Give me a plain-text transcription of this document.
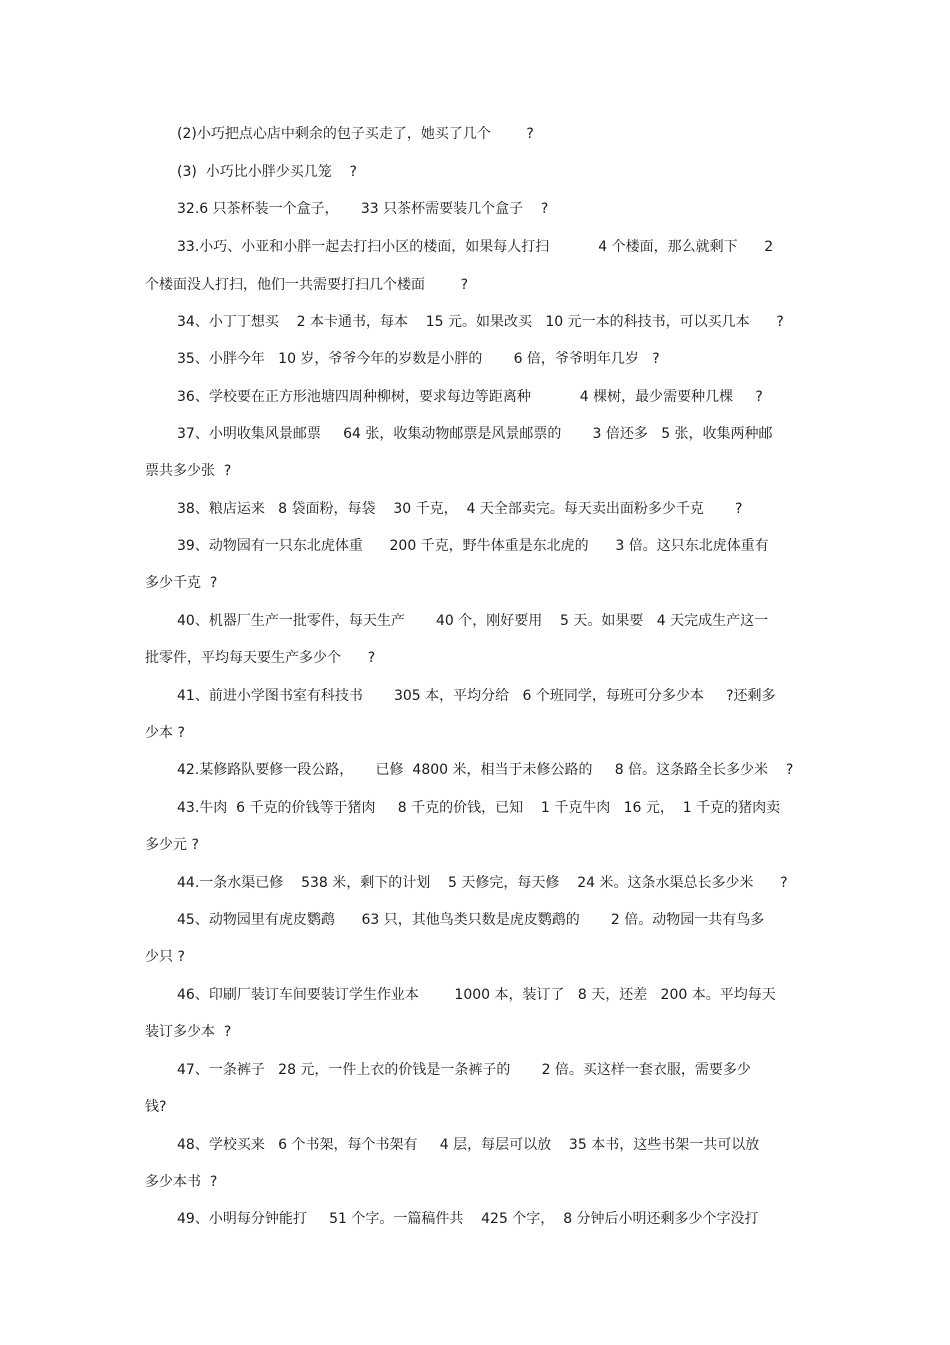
(2)小巧把点心店中剩余的包子买走了，她买了几个        ?
(3)  小巧比小胖少买几笼    ?
32.6 只茶杯装一个盒子，     33 只茶杯需要装几个盒子    ?
33.小巧、小亚和小胖一起去打扫小区的楼面，如果每人打扫           4 个楼面，那么就剩下      2
个楼面没人打扫，他们一共需要打扫几个楼面        ?
34、小丁丁想买    2 本卡通书，每本    15 元。如果改买   10 元一本的科技书，可以买几本      ?
35、小胖今年   10 岁，爷爷今年的岁数是小胖的       6 倍，爷爷明年几岁   ?
36、学校要在正方形池塘四周种柳树，要求每边等距离种           4 棵树，最少需要种几棵     ?
37、小明收集风景邮票     64 张，收集动物邮票是风景邮票的       3 倍还多   5 张，收集两种邮
票共多少张  ?
38、粮店运来   8 袋面粉，每袋    30 千克，  4 天全部卖完。每天卖出面粉多少千克       ?
39、动物园有一只东北虎体重      200 千克，野牛体重是东北虎的      3 倍。这只东北虎体重有
多少千克  ?
40、机器厂生产一批零件，每天生产       40 个，刚好要用    5 天。如果要   4 天完成生产这一
批零件，平均每天要生产多少个      ?
41、前进小学图书室有科技书       305 本，平均分给   6 个班同学，每班可分多少本     ?还剩多
少本 ?
42.某修路队要修一段公路，     已修  4800 米，相当于未修公路的     8 倍。这条路全长多少米    ?
43.牛肉  6 千克的价钱等于猪肉     8 千克的价钱，已知    1 千克牛肉   16 元，  1 千克的猪肉卖
多少元 ?
44.一条水渠已修    538 米，剩下的计划    5 天修完，每天修    24 米。这条水渠总长多少米      ?
45、动物园里有虎皮鹦鹉      63 只，其他鸟类只数是虎皮鹦鹉的       2 倍。动物园一共有鸟多
少只 ?
46、印刷厂装订车间要装订学生作业本        1000 本，装订了   8 天，还差   200 本。平均每天
装订多少本  ?
47、一条裤子   28 元，一件上衣的价钱是一条裤子的       2 倍。买这样一套衣服，需要多少
钱?
48、学校买来   6 个书架，每个书架有     4 层，每层可以放    35 本书，这些书架一共可以放
多少本书  ?
49、小明每分钟能打     51 个字。一篇稿件共    425 个字，  8 分钟后小明还剩多少个字没打
